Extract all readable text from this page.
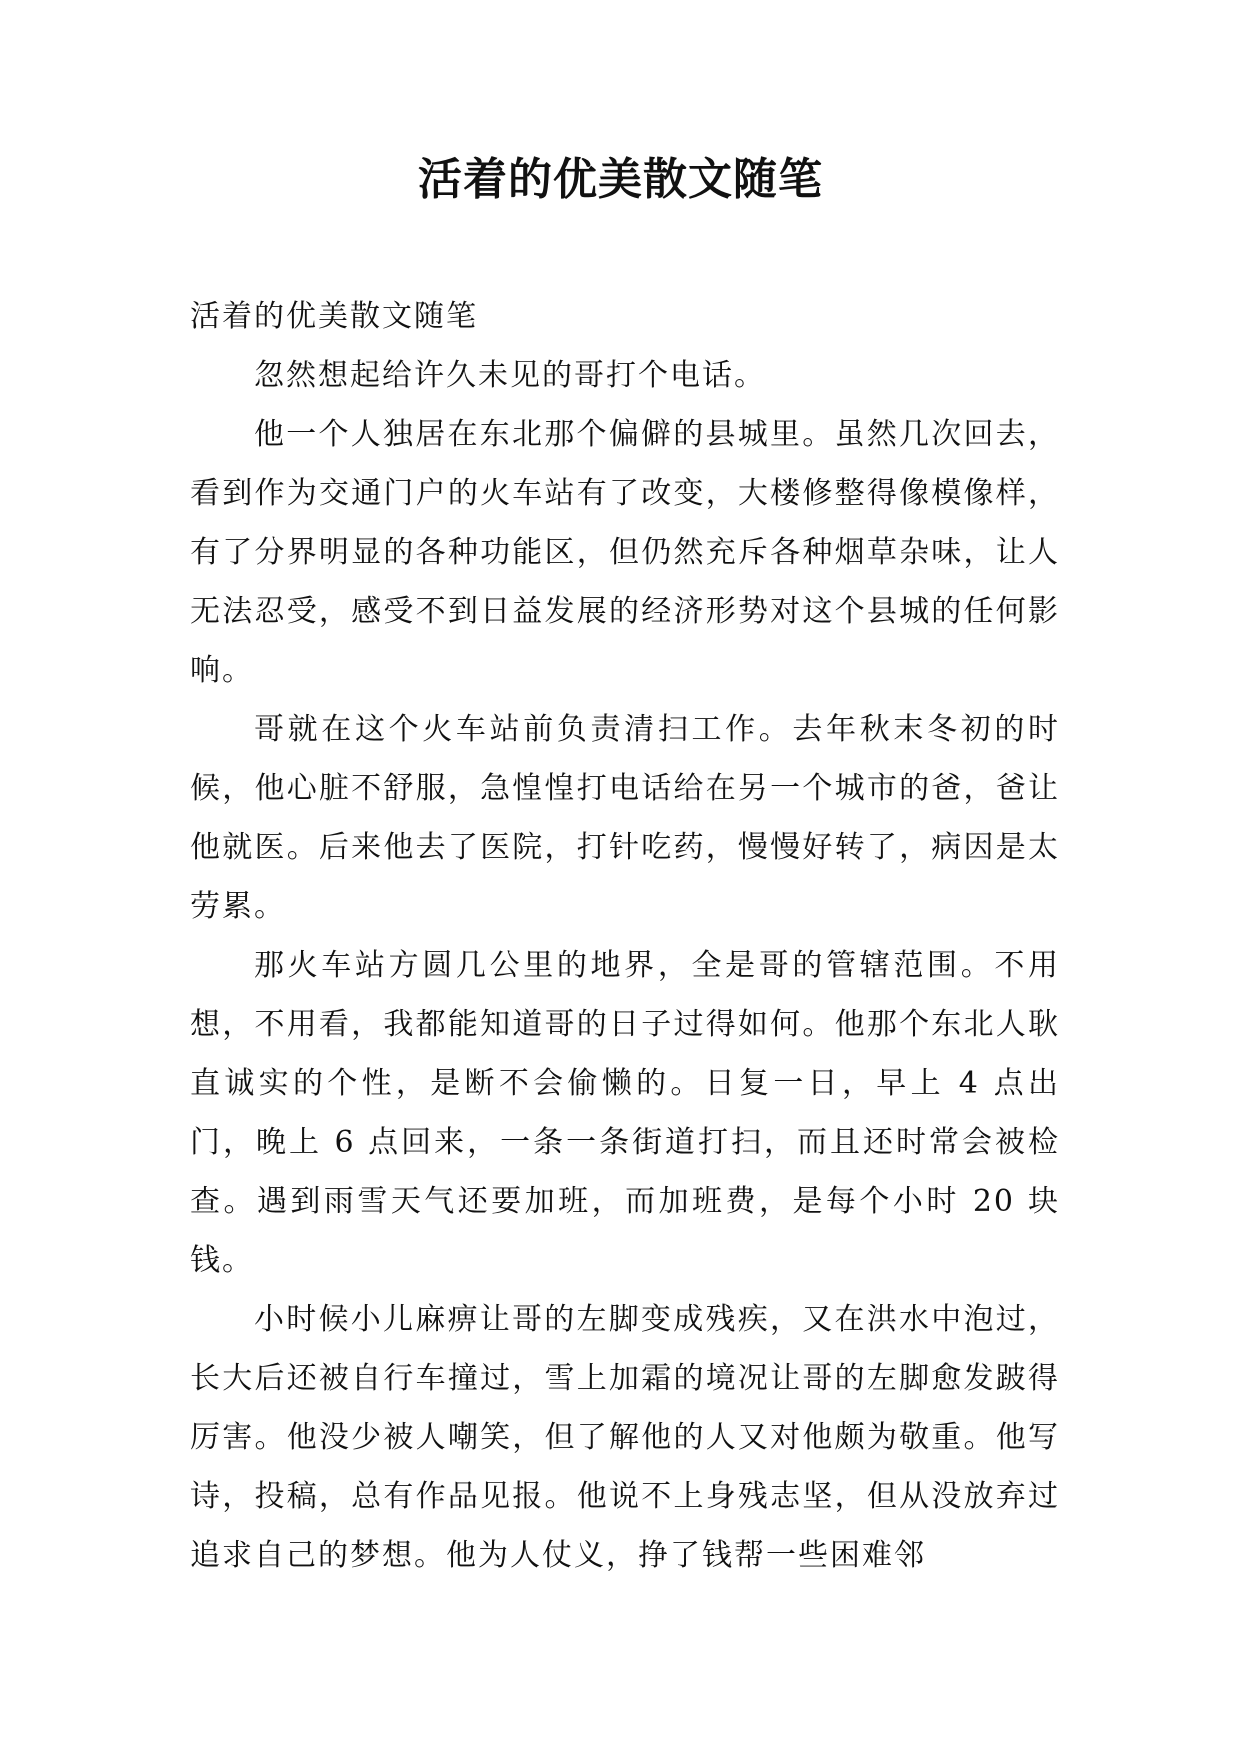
活着的优美散文随笔

活着的优美散文随笔

忽然想起给许久未见的哥打个电话。

他一个人独居在东北那个偏僻的县城里。虽然几次回去，看到作为交通门户的火车站有了改变，大楼修整得像模像样，有了分界明显的各种功能区，但仍然充斥各种烟草杂味，让人无法忍受，感受不到日益发展的经济形势对这个县城的任何影响。

哥就在这个火车站前负责清扫工作。去年秋末冬初的时候，他心脏不舒服，急惶惶打电话给在另一个城市的爸，爸让他就医。后来他去了医院，打针吃药，慢慢好转了，病因是太劳累。

那火车站方圆几公里的地界，全是哥的管辖范围。不用想，不用看，我都能知道哥的日子过得如何。他那个东北人耿直诚实的个性，是断不会偷懒的。日复一日，早上 4 点出门，晚上 6 点回来，一条一条街道打扫，而且还时常会被检查。遇到雨雪天气还要加班，而加班费，是每个小时 20 块钱。

小时候小儿麻痹让哥的左脚变成残疾，又在洪水中泡过，长大后还被自行车撞过，雪上加霜的境况让哥的左脚愈发跛得厉害。他没少被人嘲笑，但了解他的人又对他颇为敬重。他写诗，投稿，总有作品见报。他说不上身残志坚，但从没放弃过追求自己的梦想。他为人仗义，挣了钱帮一些困难邻
